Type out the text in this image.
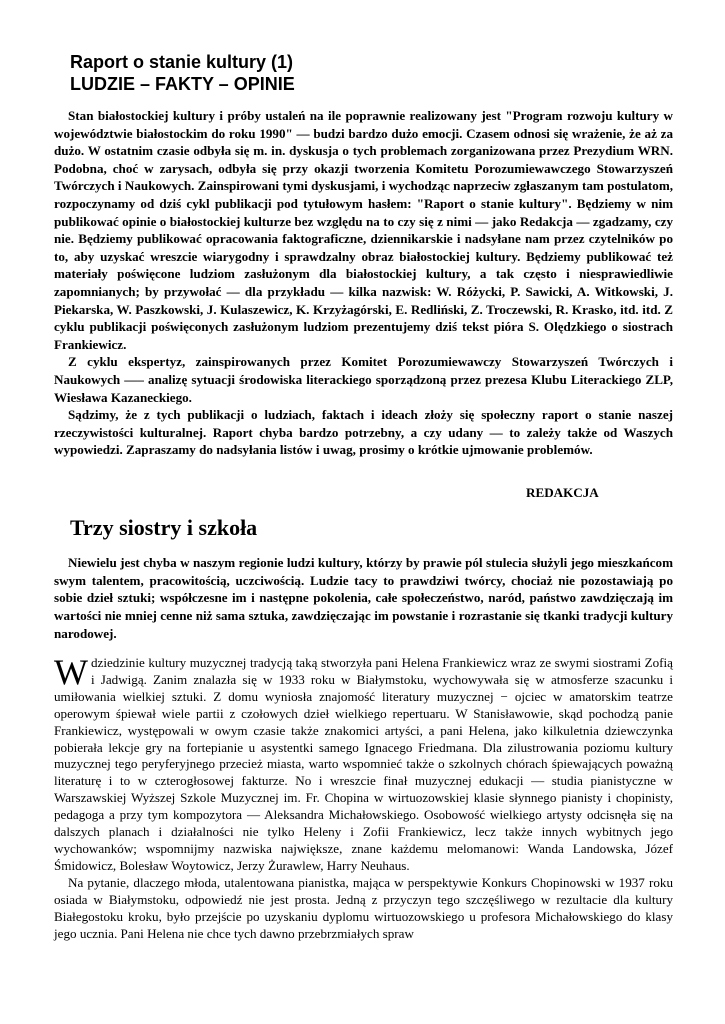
Raport o stanie kultury (1)
LUDZIE – FAKTY – OPINIE

Stan białostockiej kultury i próby ustaleń na ile poprawnie realizowany jest "Program rozwoju kultury w województwie białostockim do roku 1990" — budzi bardzo dużo emocji. Czasem odnosi się wrażenie, że aż za dużo. W ostatnim czasie odbyła się m. in. dyskusja o tych problemach zorganizowana przez Prezydium WRN. Podobna, choć w zarysach, odbyła się przy okazji tworzenia Komitetu Porozumiewawczego Stowarzyszeń Twórczych i Naukowych. Zainspirowani tymi dyskusjami, i wychodząc naprzeciw zgłaszanym tam postulatom, rozpoczynamy od dziś cykl publikacji pod tytułowym hasłem: "Raport o stanie kultury". Będziemy w nim publikować opinie o białostockiej kulturze bez względu na to czy się z nimi — jako Redakcja — zgadzamy, czy nie. Będziemy publikować opracowania faktograficzne, dziennikarskie i nadsyłane nam przez czytelników po to, aby uzyskać wreszcie wiarygodny i sprawdzalny obraz białostockiej kultury. Będziemy publikować też materiały poświęcone ludziom zasłużonym dla białostockiej kultury, a tak często i niesprawiedliwie zapomnianych; by przywołać — dla przykładu — kilka nazwisk: W. Różycki, P. Sawicki, A. Witkowski, J. Piekarska, W. Paszkowski, J. Kulaszewicz, K. Krzyżagórski, E. Redliński, Z. Troczewski, R. Krasko, itd. itd. Z cyklu publikacji poświęconych zasłużonym ludziom prezentujemy dziś tekst pióra S. Olędzkiego o siostrach Frankiewicz.

Z cyklu ekspertyz, zainspirowanych przez Komitet Porozumiewawczy Stowarzyszeń Twórczych i Naukowych —– analizę sytuacji środowiska literackiego sporządzoną przez prezesa Klubu Literackiego ZLP, Wiesława Kazaneckiego.

Sądzimy, że z tych publikacji o ludziach, faktach i ideach złoży się społeczny raport o stanie naszej rzeczywistości kulturalnej. Raport chyba bardzo potrzebny, a czy udany — to zależy także od Waszych wypowiedzi. Zapraszamy do nadsyłania listów i uwag, prosimy o krótkie ujmowanie problemów.

REDAKCJA

Trzy siostry i szkoła

Niewielu jest chyba w naszym regionie ludzi kultury, którzy by prawie pól stulecia służyli jego mieszkańcom swym talentem, pracowitością, uczciwością. Ludzie tacy to prawdziwi twórcy, chociaż nie pozostawiają po sobie dzieł sztuki; współczesne im i następne pokolenia, całe społeczeństwo, naród, państwo zawdzięczają im wartości nie mniej cenne niż sama sztuka, zawdzięczając im powstanie i rozrastanie się tkanki tradycji kultury narodowej.

Wdziedzinie kultury muzycznej tradycją taką stworzyła pani Helena Frankiewicz wraz ze swymi siostrami Zofią i Jadwigą. Zanim znalazła się w 1933 roku w Białymstoku, wychowywała się w atmosferze szacunku i umiłowania wielkiej sztuki. Z domu wyniosła znajomość literatury muzycznej − ojciec w amatorskim teatrze operowym śpiewał wiele partii z czołowych dzieł wielkiego repertuaru. W Stanisławowie, skąd pochodzą panie Frankiewicz, występowali w owym czasie także znakomici artyści, a pani Helena, jako kilkuletnia dziewczynka pobierała lekcje gry na fortepianie u asystentki samego Ignacego Friedmana. Dla zilustrowania poziomu kultury muzycznej tego peryferyjnego przecież miasta, warto wspomnieć także o szkolnych chórach śpiewających poważną literaturę i to w czterogłosowej fakturze. No i wreszcie finał muzycznej edukacji — studia pianistyczne w Warszawskiej Wyższej Szkole Muzycznej im. Fr. Chopina w wirtuozowskiej klasie słynnego pianisty i chopinisty, pedagoga a przy tym kompozytora — Aleksandra Michałowskiego. Osobowość wielkiego artysty odcisnęła się na dalszych planach i działalności nie tylko Heleny i Zofii Frankiewicz, lecz także innych wybitnych jego wychowanków; wspomnijmy nazwiska największe, znane każdemu melomanowi: Wanda Landowska, Józef Śmidowicz, Bolesław Woytowicz, Jerzy Żurawlew, Harry Neuhaus.

Na pytanie, dlaczego młoda, utalentowana pianistka, mająca w perspektywie Konkurs Chopinowski w 1937 roku osiada w Białymstoku, odpowiedź nie jest prosta. Jedną z przyczyn tego szczęśliwego w rezultacie dla kultury Białegostoku kroku, było przejście po uzyskaniu dyplomu wirtuozowskiego u profesora Michałowskiego do klasy jego ucznia. Pani Helena nie chce tych dawno przebrzmiałych spraw
